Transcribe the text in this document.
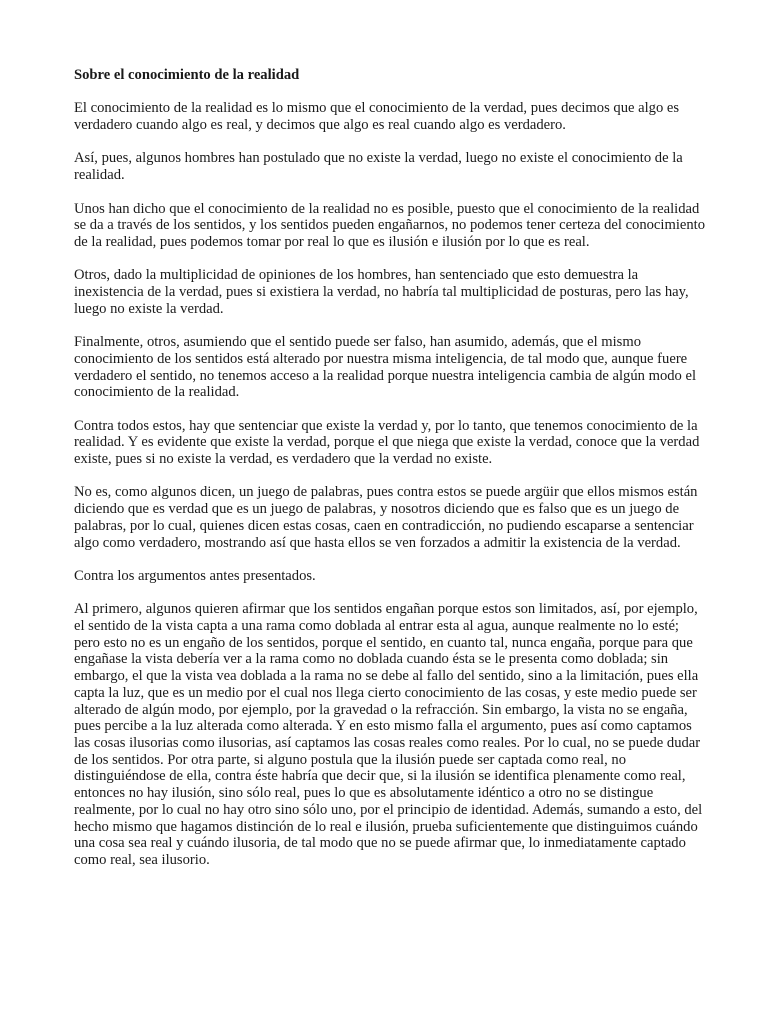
Sobre el conocimiento de la realidad
El conocimiento de la realidad es lo mismo que el conocimiento de la verdad, pues decimos que algo es verdadero cuando algo es real, y decimos que algo es real cuando algo es verdadero.
Así, pues, algunos hombres han postulado que no existe la verdad, luego no existe el conocimiento de la realidad.
Unos han dicho que el conocimiento de la realidad no es posible, puesto que el conocimiento de la realidad se da a través de los sentidos, y los sentidos pueden engañarnos, no podemos tener certeza del conocimiento de la realidad, pues podemos tomar por real lo que es ilusión e ilusión por lo que es real.
Otros, dado la multiplicidad de opiniones de los hombres, han sentenciado que esto demuestra la inexistencia de la verdad, pues si existiera la verdad, no habría tal multiplicidad de posturas, pero las hay, luego no existe la verdad.
Finalmente, otros, asumiendo que el sentido puede ser falso, han asumido, además, que el mismo conocimiento de los sentidos está alterado por nuestra misma inteligencia, de tal modo que, aunque fuere verdadero el sentido, no tenemos acceso a la realidad porque nuestra inteligencia cambia de algún modo el conocimiento de la realidad.
Contra todos estos, hay que sentenciar que existe la verdad y, por lo tanto, que tenemos conocimiento de la realidad. Y es evidente que existe la verdad, porque el que niega que existe la verdad, conoce que la verdad existe, pues si no existe la verdad, es verdadero que la verdad no existe.
No es, como algunos dicen, un juego de palabras, pues contra estos se puede argüir que ellos mismos están diciendo que es verdad que es un juego de palabras, y nosotros diciendo que es falso que es un juego de palabras, por lo cual, quienes dicen estas cosas, caen en contradicción, no pudiendo escaparse a sentenciar algo como verdadero, mostrando así que hasta ellos se ven forzados a admitir la existencia de la verdad.
Contra los argumentos antes presentados.
Al primero, algunos quieren afirmar que los sentidos engañan porque estos son limitados, así, por ejemplo, el sentido de la vista capta a una rama como doblada al entrar esta al agua, aunque realmente no lo esté; pero esto no es un engaño de los sentidos, porque el sentido, en cuanto tal, nunca engaña, porque para que engañase la vista debería ver a la rama como no doblada cuando ésta se le presenta como doblada; sin embargo, el que la vista vea doblada a la rama no se debe al fallo del sentido, sino a la limitación, pues ella capta la luz, que es un medio por el cual nos llega cierto conocimiento de las cosas, y este medio puede ser alterado de algún modo, por ejemplo, por la gravedad o la refracción. Sin embargo, la vista no se engaña, pues percibe a la luz alterada como alterada. Y en esto mismo falla el argumento, pues así como captamos las cosas ilusorias como ilusorias, así captamos las cosas reales como reales. Por lo cual, no se puede dudar de los sentidos. Por otra parte, si alguno postula que la ilusión puede ser captada como real, no distinguiéndose de ella, contra éste habría que decir que, si la ilusión se identifica plenamente como real, entonces no hay ilusión, sino sólo real, pues lo que es absolutamente idéntico a otro no se distingue realmente, por lo cual no hay otro sino sólo uno, por el principio de identidad. Además, sumando a esto, del hecho mismo que hagamos distinción de lo real e ilusión, prueba suficientemente que distinguimos cuándo una cosa sea real y cuándo ilusoria, de tal modo que no se puede afirmar que, lo inmediatamente captado como real, sea ilusorio.
